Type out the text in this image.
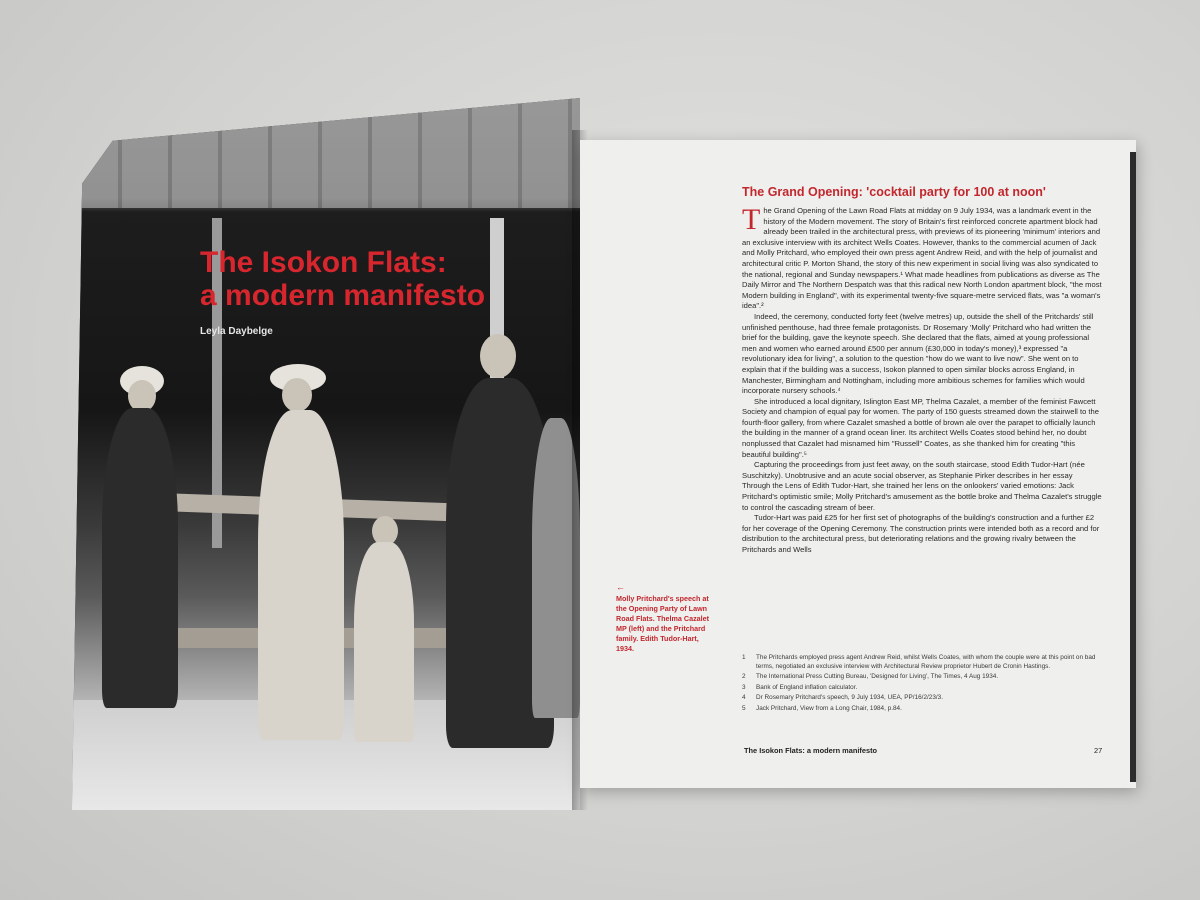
The Isokon Flats:
a modern manifesto
Leyla Daybelge
←
Molly Pritchard's speech at the Opening Party of Lawn Road Flats. Thelma Cazalet MP (left) and the Pritchard family. Edith Tudor-Hart, 1934.
The Grand Opening: 'cocktail party for 100 at noon'

The Grand Opening of the Lawn Road Flats at midday on 9 July 1934, was a landmark event in the history of the Modern movement. The story of Britain's first reinforced concrete apartment block had already been trailed in the architectural press, with previews of its pioneering 'minimum' interiors and an exclusive interview with its architect Wells Coates. However, thanks to the commercial acumen of Jack and Molly Pritchard, who employed their own press agent Andrew Reid, and with the help of journalist and architectural critic P. Morton Shand, the story of this new experiment in social living was also syndicated to the national, regional and Sunday newspapers.¹ What made headlines from publications as diverse as The Daily Mirror and The Northern Despatch was that this radical new North London apartment block, "the most Modern building in England", with its experimental twenty-five square-metre serviced flats, was "a woman's idea".²

Indeed, the ceremony, conducted forty feet (twelve metres) up, outside the shell of the Pritchards' still unfinished penthouse, had three female protagonists. Dr Rosemary 'Molly' Pritchard who had written the brief for the building, gave the keynote speech. She declared that the flats, aimed at young professional men and women who earned around £500 per annum (£30,000 in today's money),³ expressed "a revolutionary idea for living", a solution to the question "how do we want to live now". She went on to explain that if the building was a success, Isokon planned to open similar blocks across England, in Manchester, Birmingham and Nottingham, including more ambitious schemes for families which would incorporate nursery schools.⁴

She introduced a local dignitary, Islington East MP, Thelma Cazalet, a member of the feminist Fawcett Society and champion of equal pay for women. The party of 150 guests streamed down the stairwell to the fourth-floor gallery, from where Cazalet smashed a bottle of brown ale over the parapet to officially launch the building in the manner of a grand ocean liner. Its architect Wells Coates stood behind her, no doubt nonplussed that Cazalet had misnamed him "Russell" Coates, as she thanked him for creating "this beautiful building".⁵

Capturing the proceedings from just feet away, on the south staircase, stood Edith Tudor-Hart (née Suschitzky). Unobtrusive and an acute social observer, as Stephanie Pirker describes in her essay Through the Lens of Edith Tudor-Hart, she trained her lens on the onlookers' varied emotions: Jack Pritchard's optimistic smile; Molly Pritchard's amusement as the bottle broke and Thelma Cazalet's struggle to control the cascading stream of beer.

Tudor-Hart was paid £25 for her first set of photographs of the building's construction and a further £2 for her coverage of the Opening Ceremony. The construction prints were intended both as a record and for distribution to the architectural press, but deteriorating relations and the growing rivalry between the Pritchards and Wells

1	The Pritchards employed press agent Andrew Reid, whilst Wells Coates, with whom the couple were at this point on bad terms, negotiated an exclusive interview with Architectural Review proprietor Hubert de Cronin Hastings.
2	The International Press Cutting Bureau, 'Designed for Living', The Times, 4 Aug 1934.
3	Bank of England inflation calculator.
4	Dr Rosemary Pritchard's speech, 9 July 1934, UEA, PP/16/2/23/3.
5	Jack Pritchard, View from a Long Chair, 1984, p.84.
The Isokon Flats: a modern manifesto	27
